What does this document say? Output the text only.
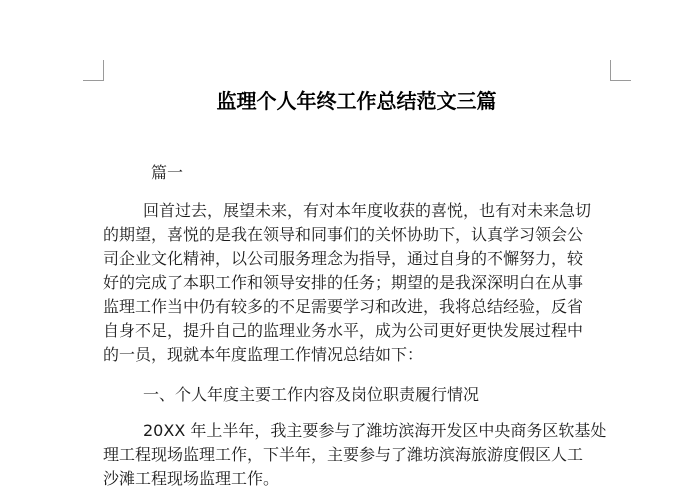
监理个人年终工作总结范文三篇
篇一
回首过去，展望未来，有对本年度收获的喜悦，也有对未来急切
的期望，喜悦的是我在领导和同事们的关怀协助下，认真学习领会公
司企业文化精神，以公司服务理念为指导，通过自身的不懈努力，较
好的完成了本职工作和领导安排的任务；期望的是我深深明白在从事
监理工作当中仍有较多的不足需要学习和改进，我将总结经验，反省
自身不足，提升自己的监理业务水平，成为公司更好更快发展过程中
的一员，现就本年度监理工作情况总结如下：
一、个人年度主要工作内容及岗位职责履行情况
20XX 年上半年，我主要参与了潍坊滨海开发区中央商务区软基处
理工程现场监理工作，下半年，主要参与了潍坊滨海旅游度假区人工
沙滩工程现场监理工作。
